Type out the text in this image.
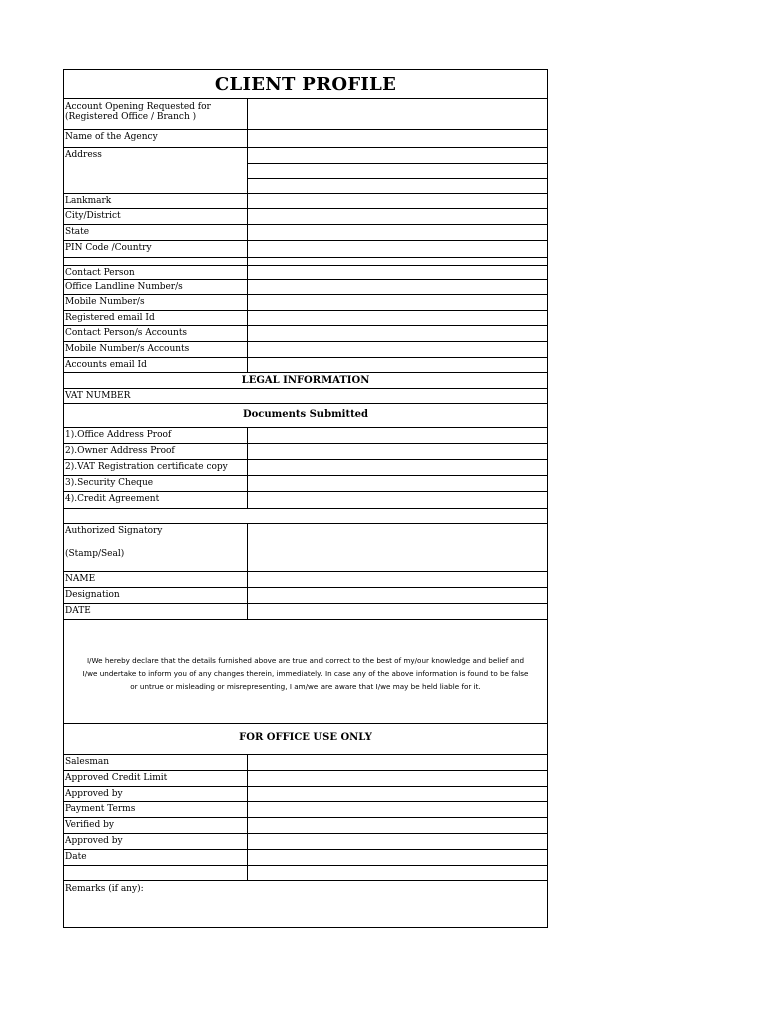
CLIENT PROFILE
Account Opening Requested for
(Registered Office / Branch )
Name of the Agency
Address
Lankmark
City/District
State
PIN Code /Country
Contact Person
Office Landline Number/s
Mobile Number/s
Registered email Id
Contact Person/s Accounts
Mobile Number/s Accounts
Accounts email Id
LEGAL INFORMATION
VAT NUMBER
Documents Submitted
1).Office Address Proof
2).Owner Address Proof
2).VAT Registration certificate copy
3).Security Cheque
4).Credit Agreement
Authorized Signatory
(Stamp/Seal)
NAME
Designation
DATE
I/We hereby declare that the details furnished above are true and correct to the best of my/our knowledge and belief and
I/we undertake to inform you of any changes therein, immediately. In case any of the above information is found to be false
or untrue or misleading or misrepresenting, I am/we are aware that I/we may be held liable for it.
FOR OFFICE USE ONLY
Salesman
Approved Credit Limit
Approved by
Payment Terms
Verified by
Approved by
Date
Remarks (if any):
